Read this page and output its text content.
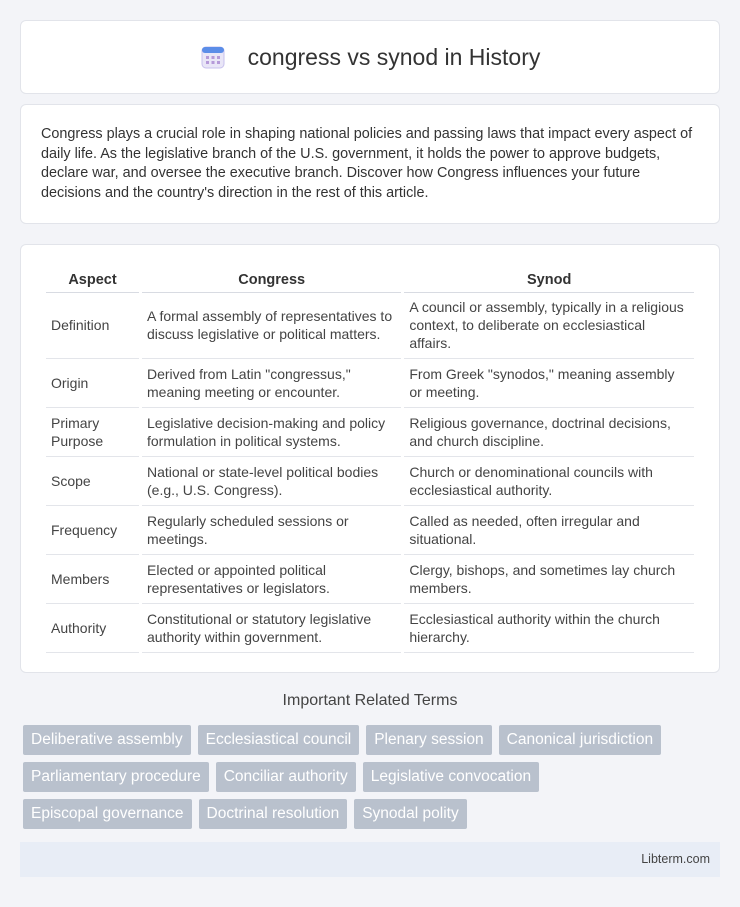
congress vs synod in History

Congress plays a crucial role in shaping national policies and passing laws that impact every aspect of daily life. As the legislative branch of the U.S. government, it holds the power to approve budgets, declare war, and oversee the executive branch. Discover how Congress influences your future decisions and the country's direction in the rest of this article.

Aspect	Congress	Synod
Definition	A formal assembly of representatives to discuss legislative or political matters.	A council or assembly, typically in a religious context, to deliberate on ecclesiastical affairs.
Origin	Derived from Latin "congressus," meaning meeting or encounter.	From Greek "synodos," meaning assembly or meeting.
Primary Purpose	Legislative decision-making and policy formulation in political systems.	Religious governance, doctrinal decisions, and church discipline.
Scope	National or state-level political bodies (e.g., U.S. Congress).	Church or denominational councils with ecclesiastical authority.
Frequency	Regularly scheduled sessions or meetings.	Called as needed, often irregular and situational.
Members	Elected or appointed political representatives or legislators.	Clergy, bishops, and sometimes lay church members.
Authority	Constitutional or statutory legislative authority within government.	Ecclesiastical authority within the church hierarchy.
Important Related Terms
Deliberative assembly	Ecclesiastical council	Plenary session	Canonical jurisdiction
Parliamentary procedure	Conciliar authority	Legislative convocation
Episcopal governance	Doctrinal resolution	Synodal polity
Libterm.com
